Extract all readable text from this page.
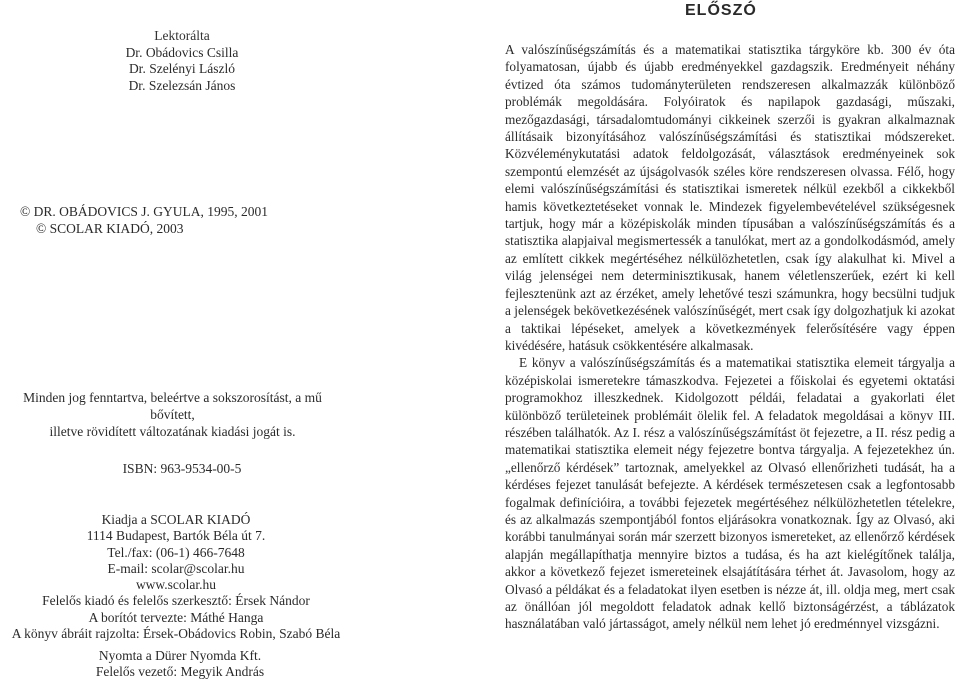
Lektorálta
Dr. Obádovics Csilla
Dr. Szelényi László
Dr. Szelezsán János
© DR. OBÁDOVICS J. GYULA, 1995, 2001
© SCOLAR KIADÓ, 2003
Minden jog fenntartva, beleértve a sokszorosítást, a mű bővített,
illetve rövidített változatának kiadási jogát is.
ISBN: 963-9534-00-5
Kiadja a SCOLAR KIADÓ
1114 Budapest, Bartók Béla út 7.
Tel./fax: (06-1) 466-7648
E-mail: scolar@scolar.hu
www.scolar.hu
Felelős kiadó és felelős szerkesztő: Érsek Nándor
A borítót tervezte: Máthé Hanga
A könyv ábráit rajzolta: Érsek-Obádovics Robin, Szabó Béla
Nyomta a Dürer Nyomda Kft.
Felelős vezető: Megyik András
ELŐSZÓ

A valószínűségszámítás és a matematikai statisztika tárgyköre kb. 300 év óta folyamatosan, újabb és újabb eredményekkel gazdagszik. Eredményeit néhány évtized óta számos tudományterületen rendszeresen alkalmazzák különböző problémák megoldására. Folyóiratok és napilapok gazdasági, műszaki, mezőgazdasági, társadalomtudományi cikkeinek szerzői is gyakran alkalmaznak állításaik bizonyításához valószínűségszámítási és statisztikai módszereket. Közvéleménykutatási adatok feldolgozását, választások eredményeinek sok szempontú elemzését az újságolvasók széles köre rendszeresen olvassa. Félő, hogy elemi valószínűségszámítási és statisztikai ismeretek nélkül ezekből a cikkekből hamis következtetéseket vonnak le. Mindezek figyelembevételével szükségesnek tartjuk, hogy már a középiskolák minden típusában a valószínűségszámítás és a statisztika alapjaival megismertessék a tanulókat, mert az a gondolkodásmód, amely az említett cikkek megértéséhez nélkülözhetetlen, csak így alakulhat ki. Mivel a világ jelenségei nem determinisztikusak, hanem véletlenszerűek, ezért ki kell fejlesztenünk azt az érzéket, amely lehetővé teszi számunkra, hogy becsülni tudjuk a jelenségek bekövetkezésének valószínűségét, mert csak így dolgozhatjuk ki azokat a taktikai lépéseket, amelyek a következmények felerősítésére vagy éppen kivédésére, hatásuk csökkentésére alkalmasak.

E könyv a valószínűségszámítás és a matematikai statisztika elemeit tárgyalja a középiskolai ismeretekre támaszkodva. Fejezetei a főiskolai és egyetemi oktatási programokhoz illeszkednek. Kidolgozott példái, feladatai a gyakorlati élet különböző területeinek problémáit ölelik fel. A feladatok megoldásai a könyv III. részében találhatók. Az I. rész a valószínűségszámítást öt fejezetre, a II. rész pedig a matematikai statisztika elemeit négy fejezetre bontva tárgyalja. A fejezetekhez ún. „ellenőrző kérdések” tartoznak, amelyekkel az Olvasó ellenőrizheti tudását, ha a kérdéses fejezet tanulását befejezte. A kérdések természetesen csak a legfontosabb fogalmak definícióira, a további fejezetek megértéséhez nélkülözhetetlen tételekre, és az alkalmazás szempontjából fontos eljárásokra vonatkoznak. Így az Olvasó, aki korábbi tanulmányai során már szerzett bizonyos ismereteket, az ellenőrző kérdések alapján megállapíthatja mennyire biztos a tudása, és ha azt kielégítőnek találja, akkor a következő fejezet ismereteinek elsajátítására térhet át. Javasolom, hogy az Olvasó a példákat és a feladatokat ilyen esetben is nézze át, ill. oldja meg, mert csak az önállóan jól megoldott feladatok adnak kellő biztonságérzést, a táblázatok használatában való jártasságot, amely nélkül nem lehet jó eredménnyel vizsgázni.
